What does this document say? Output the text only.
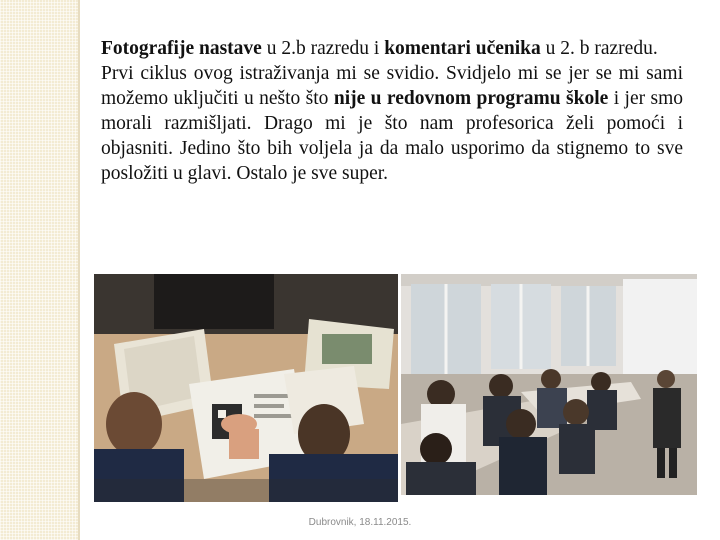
Fotografije nastave u 2.b razredu i komentari učenika u 2. b razredu.

Prvi ciklus ovog istraživanja mi se svidio. Svidjelo mi se jer se mi sami možemo uključiti u nešto što nije u redovnom programu škole i jer smo morali razmišljati. Drago mi je što nam profesorica želi pomoći i objasniti. Jedino što bih voljela ja da malo usporimo da stignemo to sve posložiti u glavi. Ostalo je sve super.

Dubrovnik, 18.11.2015.
